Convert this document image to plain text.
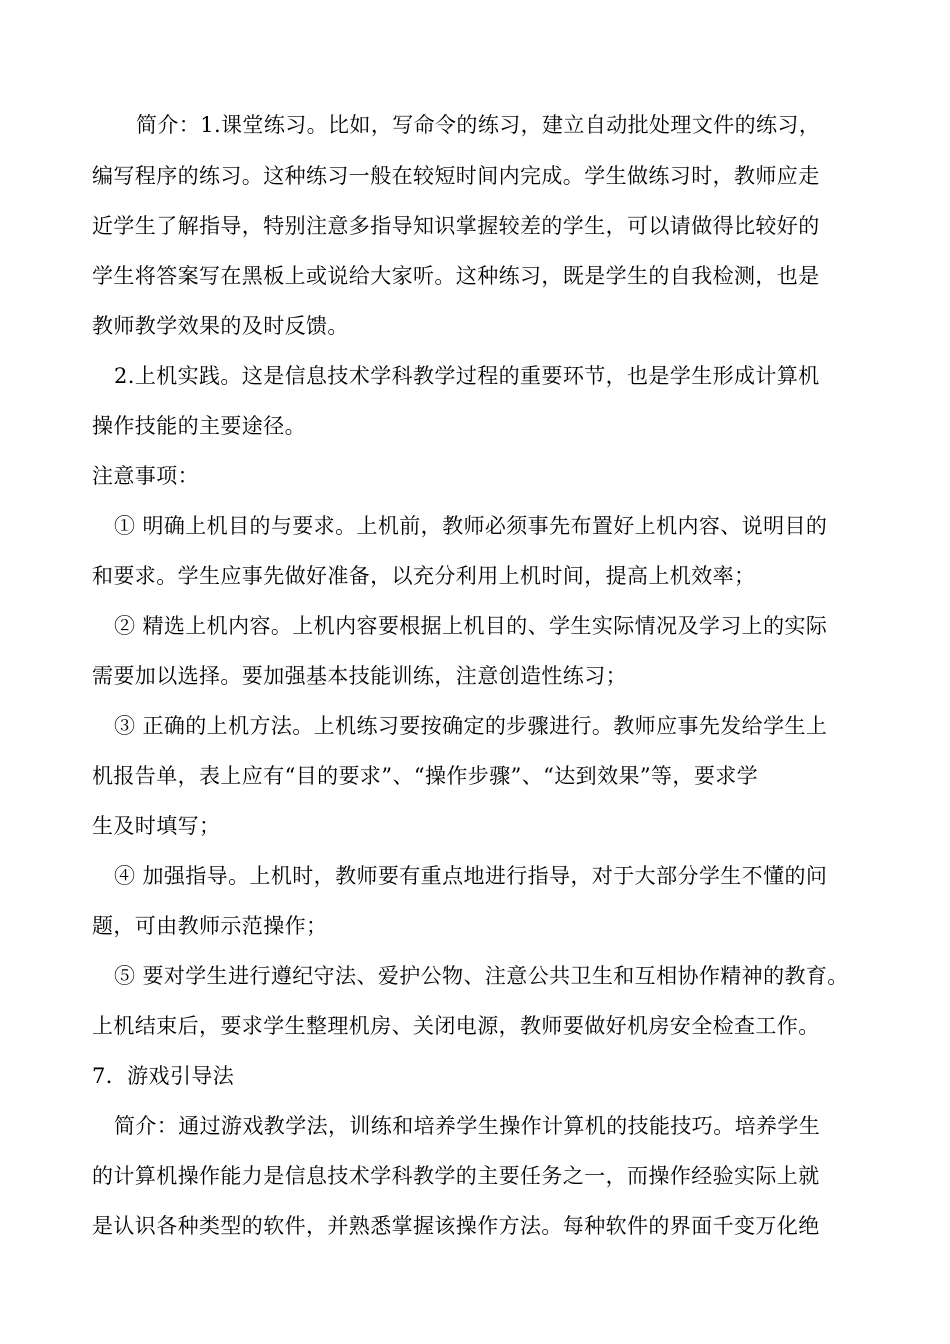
简介：1.课堂练习。比如，写命令的练习，建立自动批处理文件的练习，
编写程序的练习。这种练习一般在较短时间内完成。学生做练习时，教师应走
近学生了解指导，特别注意多指导知识掌握较差的学生，可以请做得比较好的
学生将答案写在黑板上或说给大家听。这种练习，既是学生的自我检测，也是
教师教学效果的及时反馈。
2.上机实践。这是信息技术学科教学过程的重要环节，也是学生形成计算机
操作技能的主要途径。
注意事项：
① 明确上机目的与要求。上机前，教师必须事先布置好上机内容、说明目的
和要求。学生应事先做好准备，以充分利用上机时间，提高上机效率；
② 精选上机内容。上机内容要根据上机目的、学生实际情况及学习上的实际
需要加以选择。要加强基本技能训练，注意创造性练习；
③ 正确的上机方法。上机练习要按确定的步骤进行。教师应事先发给学生上
机报告单，表上应有“目的要求”、“操作步骤”、“达到效果”等，要求学
生及时填写；
④ 加强指导。上机时，教师要有重点地进行指导，对于大部分学生不懂的问
题，可由教师示范操作；
⑤ 要对学生进行遵纪守法、爱护公物、注意公共卫生和互相协作精神的教育。
上机结束后，要求学生整理机房、关闭电源，教师要做好机房安全检查工作。
7．游戏引导法
简介：通过游戏教学法，训练和培养学生操作计算机的技能技巧。培养学生
的计算机操作能力是信息技术学科教学的主要任务之一，而操作经验实际上就
是认识各种类型的软件，并熟悉掌握该操作方法。每种软件的界面千变万化绝
